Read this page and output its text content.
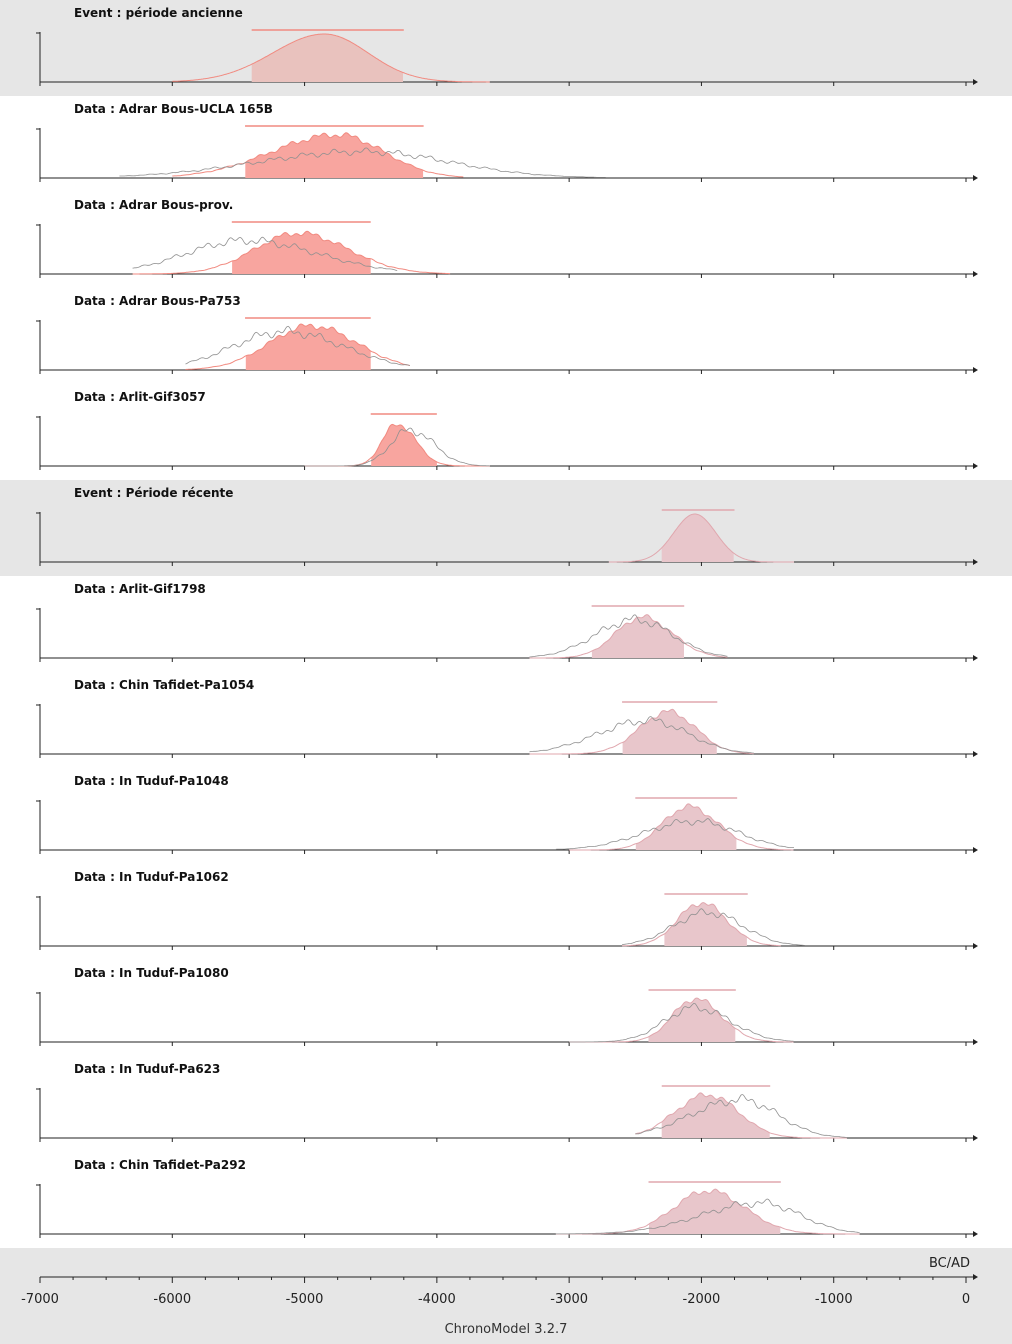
Event : période ancienne
Data : Adrar Bous-UCLA 165B
Data : Adrar Bous-prov.
Data : Adrar Bous-Pa753
Data : Arlit-Gif3057
Event : Période récente
Data : Arlit-Gif1798
Data : Chin Tafidet-Pa1054
Data : In Tuduf-Pa1048
Data : In Tuduf-Pa1062
Data : In Tuduf-Pa1080
Data : In Tuduf-Pa623
Data : Chin Tafidet-Pa292
BC/AD
-7000	-6000	-5000	-4000	-3000	-2000	-1000	0
ChronoModel 3.2.7
